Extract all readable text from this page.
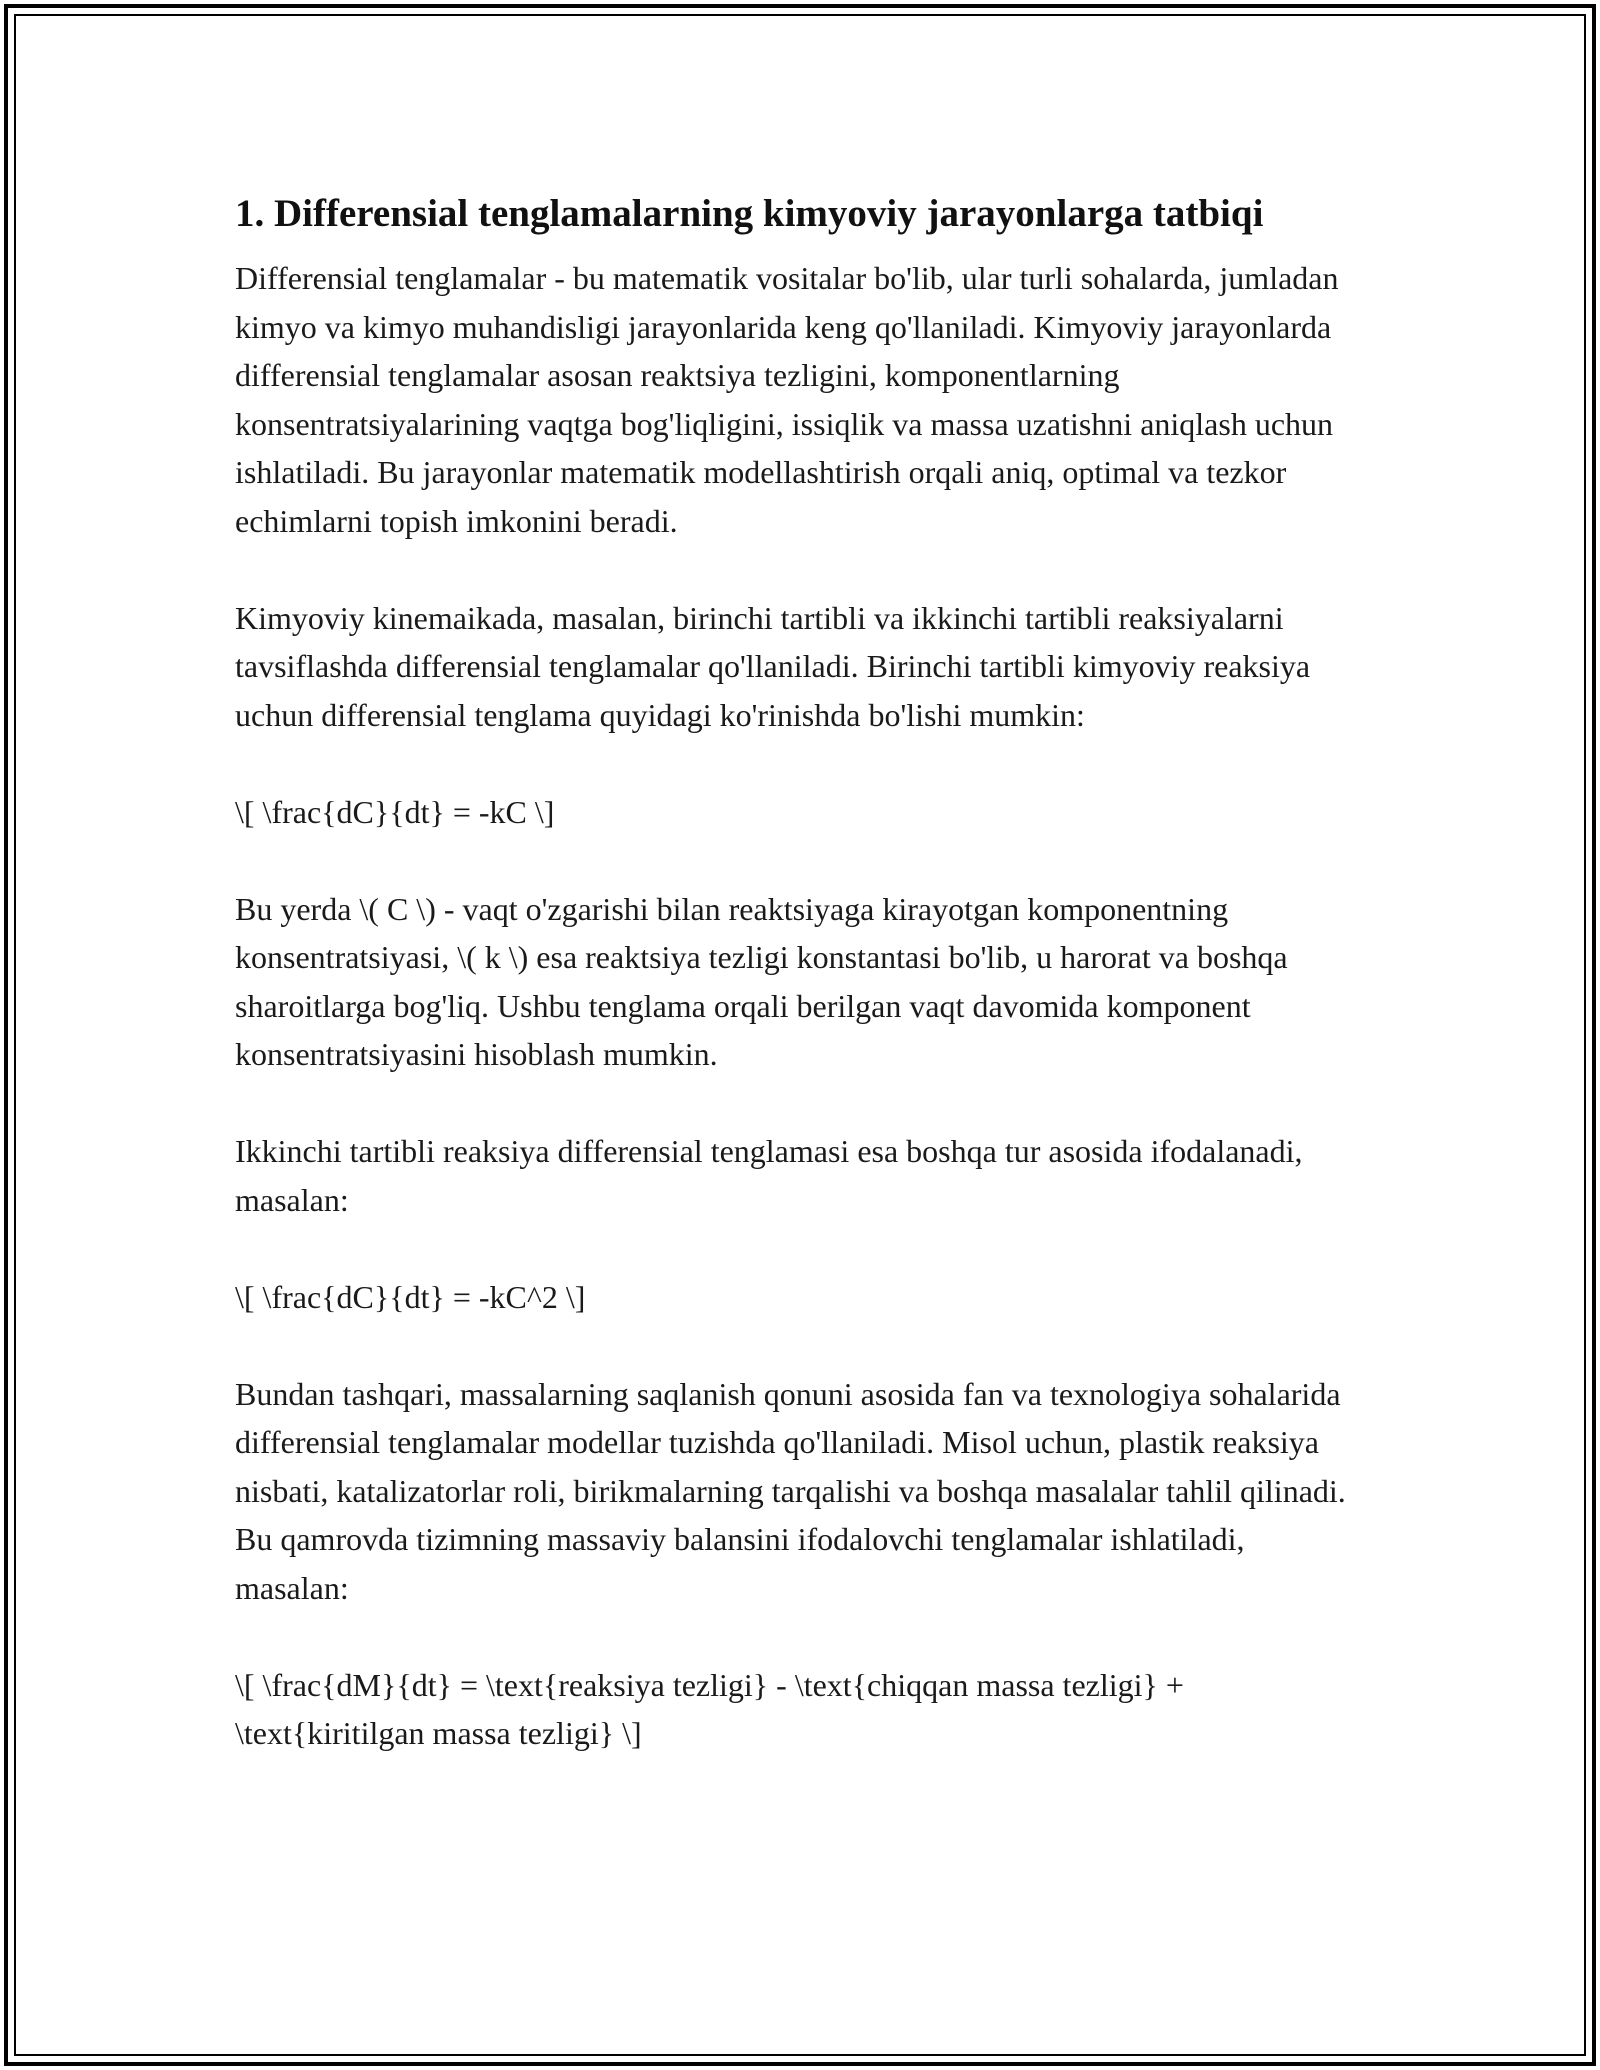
1. Differensial tenglamalarning kimyoviy jarayonlarga tatbiqi

Differensial tenglamalar - bu matematik vositalar bo'lib, ular turli sohalarda, jumladan kimyo va kimyo muhandisligi jarayonlarida keng qo'llaniladi. Kimyoviy jarayonlarda differensial tenglamalar asosan reaktsiya tezligini, komponentlarning konsentratsiyalarining vaqtga bog'liqligini, issiqlik va massa uzatishni aniqlash uchun ishlatiladi. Bu jarayonlar matematik modellashtirish orqali aniq, optimal va tezkor echimlarni topish imkonini beradi.

Kimyoviy kinemaikada, masalan, birinchi tartibli va ikkinchi tartibli reaksiyalarni tavsiflashda differensial tenglamalar qo'llaniladi. Birinchi tartibli kimyoviy reaksiya uchun differensial tenglama quyidagi ko'rinishda bo'lishi mumkin:

\[ \frac{dC}{dt} = -kC \]

Bu yerda \( C \) - vaqt o'zgarishi bilan reaktsiyaga kirayotgan komponentning konsentratsiyasi, \( k \) esa reaktsiya tezligi konstantasi bo'lib, u harorat va boshqa sharoitlarga bog'liq. Ushbu tenglama orqali berilgan vaqt davomida komponent konsentratsiyasini hisoblash mumkin.

Ikkinchi tartibli reaksiya differensial tenglamasi esa boshqa tur asosida ifodalanadi, masalan:

\[ \frac{dC}{dt} = -kC^2 \]

Bundan tashqari, massalarning saqlanish qonuni asosida fan va texnologiya sohalarida differensial tenglamalar modellar tuzishda qo'llaniladi. Misol uchun, plastik reaksiya nisbati, katalizatorlar roli, birikmalarning tarqalishi va boshqa masalalar tahlil qilinadi. Bu qamrovda tizimning massaviy balansini ifodalovchi tenglamalar ishlatiladi, masalan:

\[ \frac{dM}{dt} = \text{reaksiya tezligi} - \text{chiqqan massa tezligi} + \text{kiritilgan massa tezligi} \]
